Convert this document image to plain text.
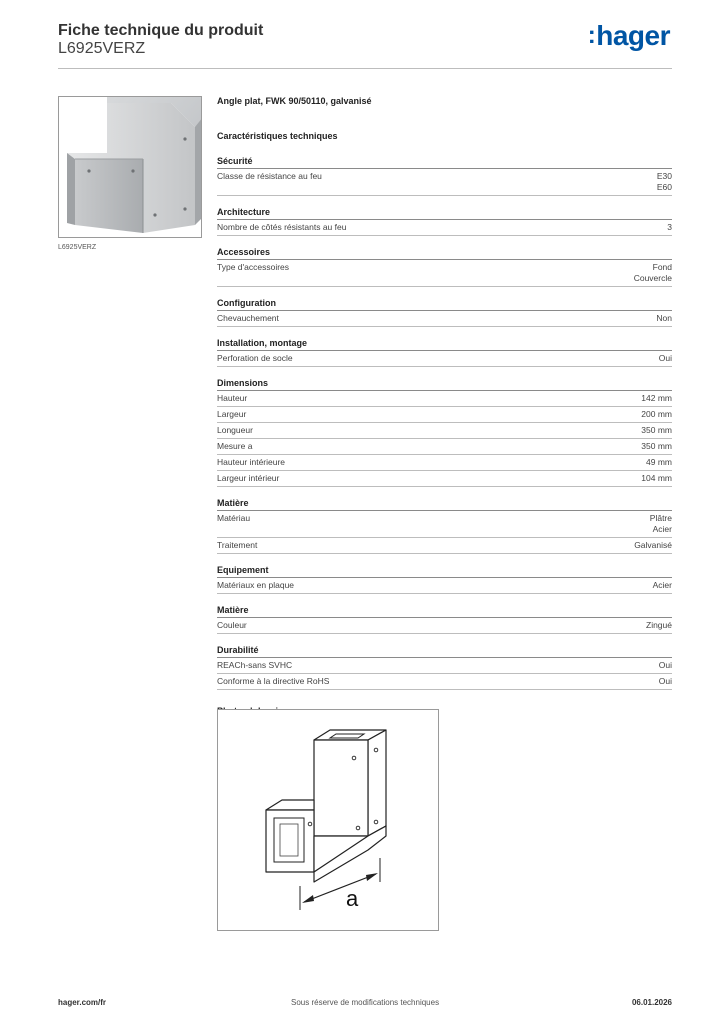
Fiche technique du produit
L6925VERZ	:hager
L6925VERZ
Angle plat, FWK 90/50110, galvanisé
Caractéristiques techniques
Sécurité
Classe de résistance au feu	E30
E60
Architecture
Nombre de côtés résistants au feu	3
Accessoires
Type d'accessoires	Fond
Couvercle
Configuration
Chevauchement	Non
Installation, montage
Perforation de socle	Oui
Dimensions
Hauteur	142 mm
Largeur	200 mm
Longueur	350 mm
Mesure a	350 mm
Hauteur intérieure	49 mm
Largeur intérieur	104 mm
Matière
Matériau	Plâtre
Acier
Traitement	Galvanisé
Equipement
Matériaux en plaque	Acier
Matière
Couleur	Zingué
Durabilité
REACh-sans SVHC	Oui
Conforme à la directive RoHS	Oui
a
hager.com/fr	Sous réserve de modifications techniques	06.01.2026
